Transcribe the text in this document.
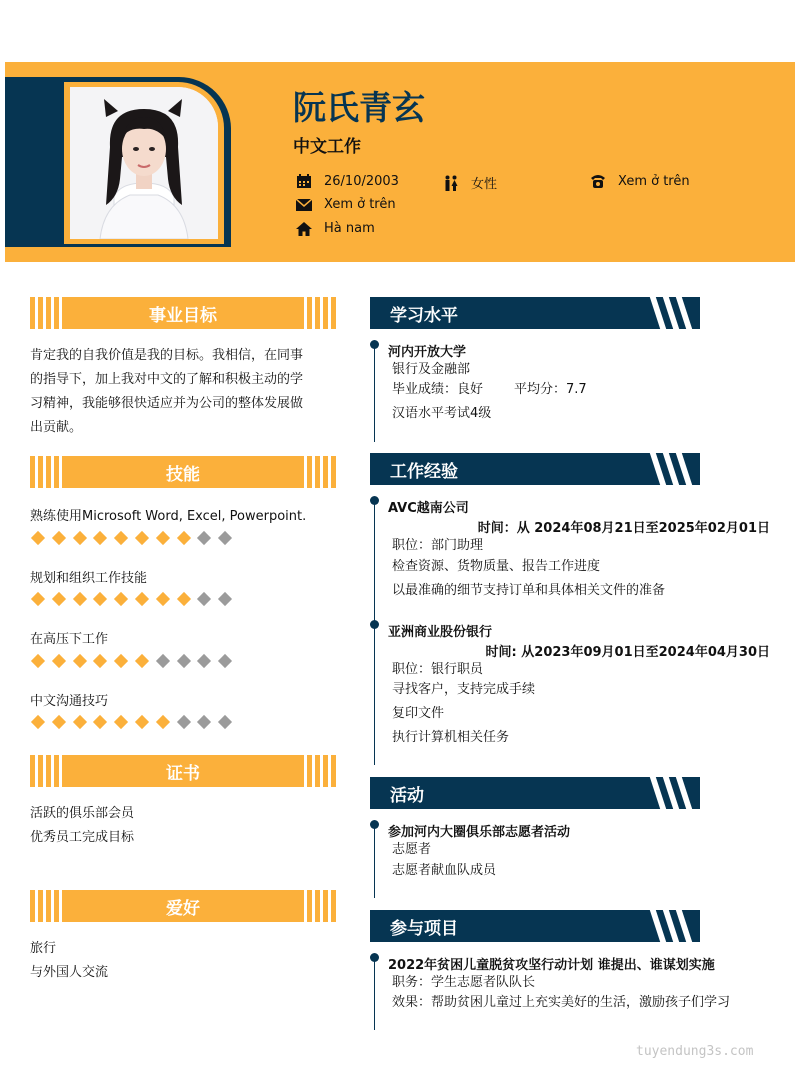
阮氏青玄
中文工作
26/10/2003	女性	Xem ở trên
Xem ở trên
Hà nam
事业目标
肯定我的自我价值是我的目标。我相信，在同事
的指导下，加上我对中文的了解和积极主动的学
习精神，我能够很快适应并为公司的整体发展做
出贡献。
技能
熟练使用Microsoft Word, Excel, Powerpoint.
规划和组织工作技能
在高压下工作
中文沟通技巧
证书
活跃的俱乐部会员
优秀员工完成目标
爱好
旅行
与外国人交流
学习水平
河内开放大学
银行及金融部
毕业成绩：良好 平均分：7.7
汉语水平考试4级
工作经验
AVC越南公司
时间：从 2024年08月21日至2025年02月01日
职位：部门助理
检查资源、货物质量、报告工作进度
以最准确的细节支持订单和具体相关文件的准备
亚洲商业股份银行
时间: 从2023年09月01日至2024年04月30日
职位：银行职员
寻找客户，支持完成手续
复印文件
执行计算机相关任务
活动
参加河内大圈俱乐部志愿者活动
志愿者
志愿者献血队成员
参与项目
2022年贫困儿童脱贫攻坚行动计划 谁提出、谁谋划实施
职务：学生志愿者队队长
效果：帮助贫困儿童过上充实美好的生活，激励孩子们学习
tuyendung3s.com
